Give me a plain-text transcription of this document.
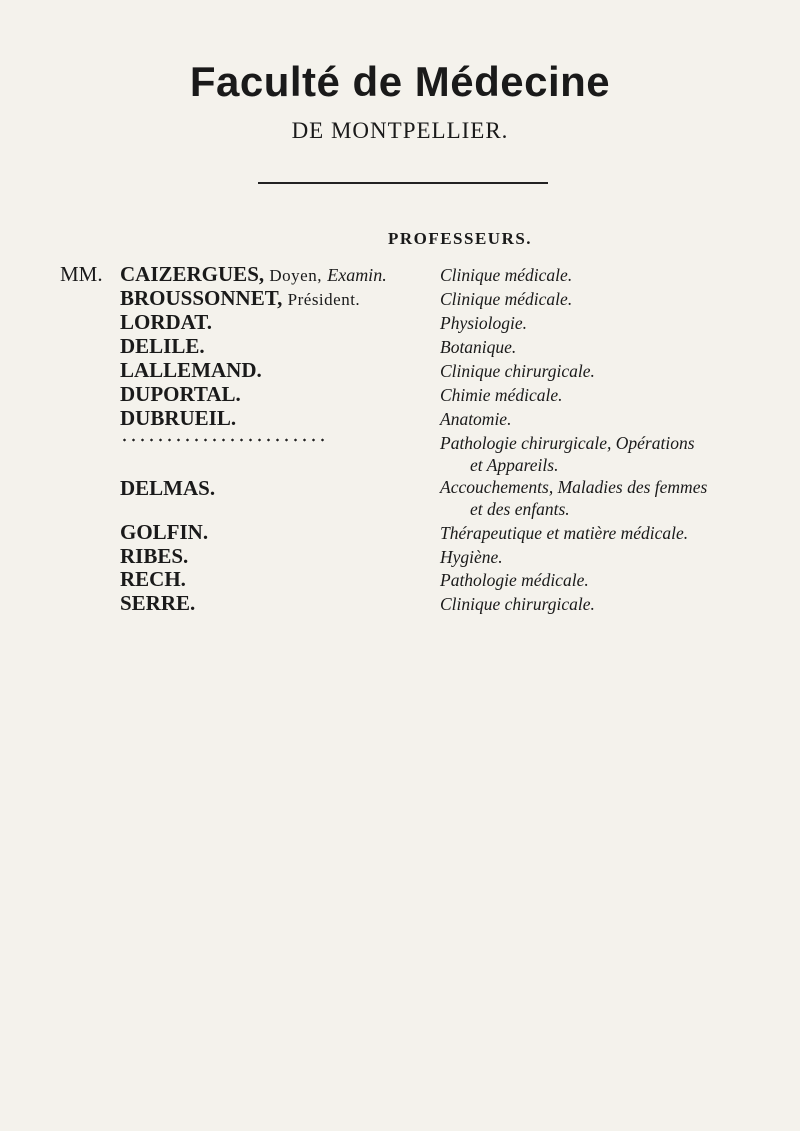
Faculté de Médecine
DE MONTPELLIER.
PROFESSEURS.
MM. CAIZERGUES, Doyen, Examin.
BROUSSONNET, Président.
LORDAT.
DELILE.
LALLEMAND.
DUPORTAL.
DUBRUEIL.
DELMAS.
GOLFIN.
RIBES.
RECH.
Clinique médicale.
Clinique médicale.
Physiologie.
Botanique.
Clinique chirurgicale.
Chimie médicale.
Anatomie.
Pathologie chirurgicale, Opérations
et Appareils.
Accouchements, Maladies des femmes
et des enfants.
Thérapeutique et matière médicale.
Hygiène.
Pathologie médicale.
SERRE.	Clinique chirurgicale.
